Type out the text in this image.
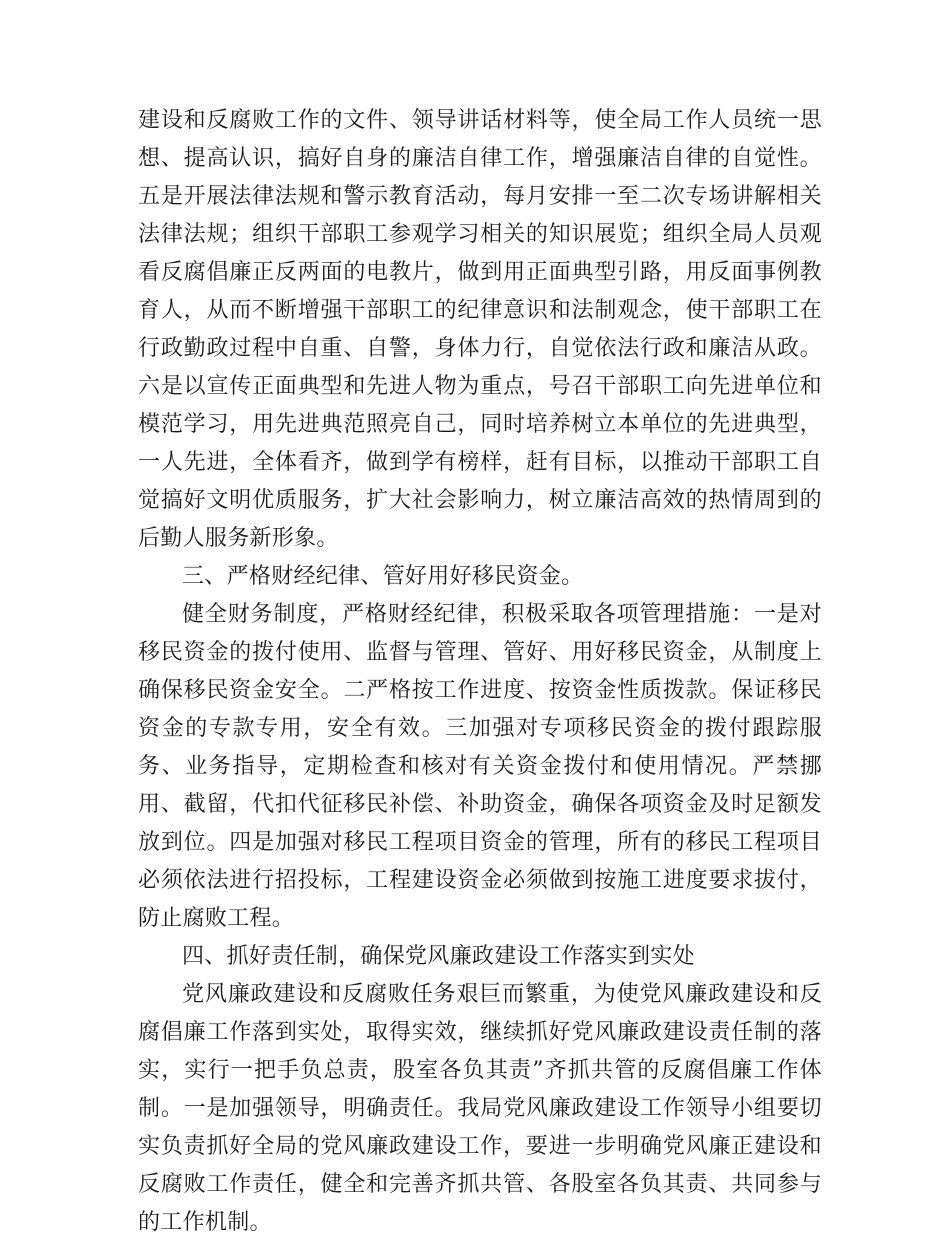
建设和反腐败工作的文件、领导讲话材料等，使全局工作人员统一思想、提高认识，搞好自身的廉洁自律工作，增强廉洁自律的自觉性。五是开展法律法规和警示教育活动，每月安排一至二次专场讲解相关法律法规；组织干部职工参观学习相关的知识展览；组织全局人员观看反腐倡廉正反两面的电教片，做到用正面典型引路，用反面事例教育人，从而不断增强干部职工的纪律意识和法制观念，使干部职工在行政勤政过程中自重、自警，身体力行，自觉依法行政和廉洁从政。六是以宣传正面典型和先进人物为重点，号召干部职工向先进单位和模范学习，用先进典范照亮自己，同时培养树立本单位的先进典型，一人先进，全体看齐，做到学有榜样，赶有目标，以推动干部职工自觉搞好文明优质服务，扩大社会影响力，树立廉洁高效的热情周到的后勤人服务新形象。

三、严格财经纪律、管好用好移民资金。

健全财务制度，严格财经纪律，积极采取各项管理措施：一是对移民资金的拨付使用、监督与管理、管好、用好移民资金，从制度上确保移民资金安全。二严格按工作进度、按资金性质拨款。保证移民资金的专款专用，安全有效。三加强对专项移民资金的拨付跟踪服务、业务指导，定期检查和核对有关资金拨付和使用情况。严禁挪用、截留，代扣代征移民补偿、补助资金，确保各项资金及时足额发放到位。四是加强对移民工程项目资金的管理，所有的移民工程项目必须依法进行招投标，工程建设资金必须做到按施工进度要求拔付，防止腐败工程。

四、抓好责任制，确保党风廉政建设工作落实到实处

党风廉政建设和反腐败任务艰巨而繁重，为使党风廉政建设和反腐倡廉工作落到实处，取得实效，继续抓好党风廉政建设责任制的落实，实行一把手负总责，股室各负其责”齐抓共管的反腐倡廉工作体制。一是加强领导，明确责任。我局党风廉政建设工作领导小组要切实负责抓好全局的党风廉政建设工作，要进一步明确党风廉正建设和反腐败工作责任，健全和完善齐抓共管、各股室各负其责、共同参与的工作机制。
